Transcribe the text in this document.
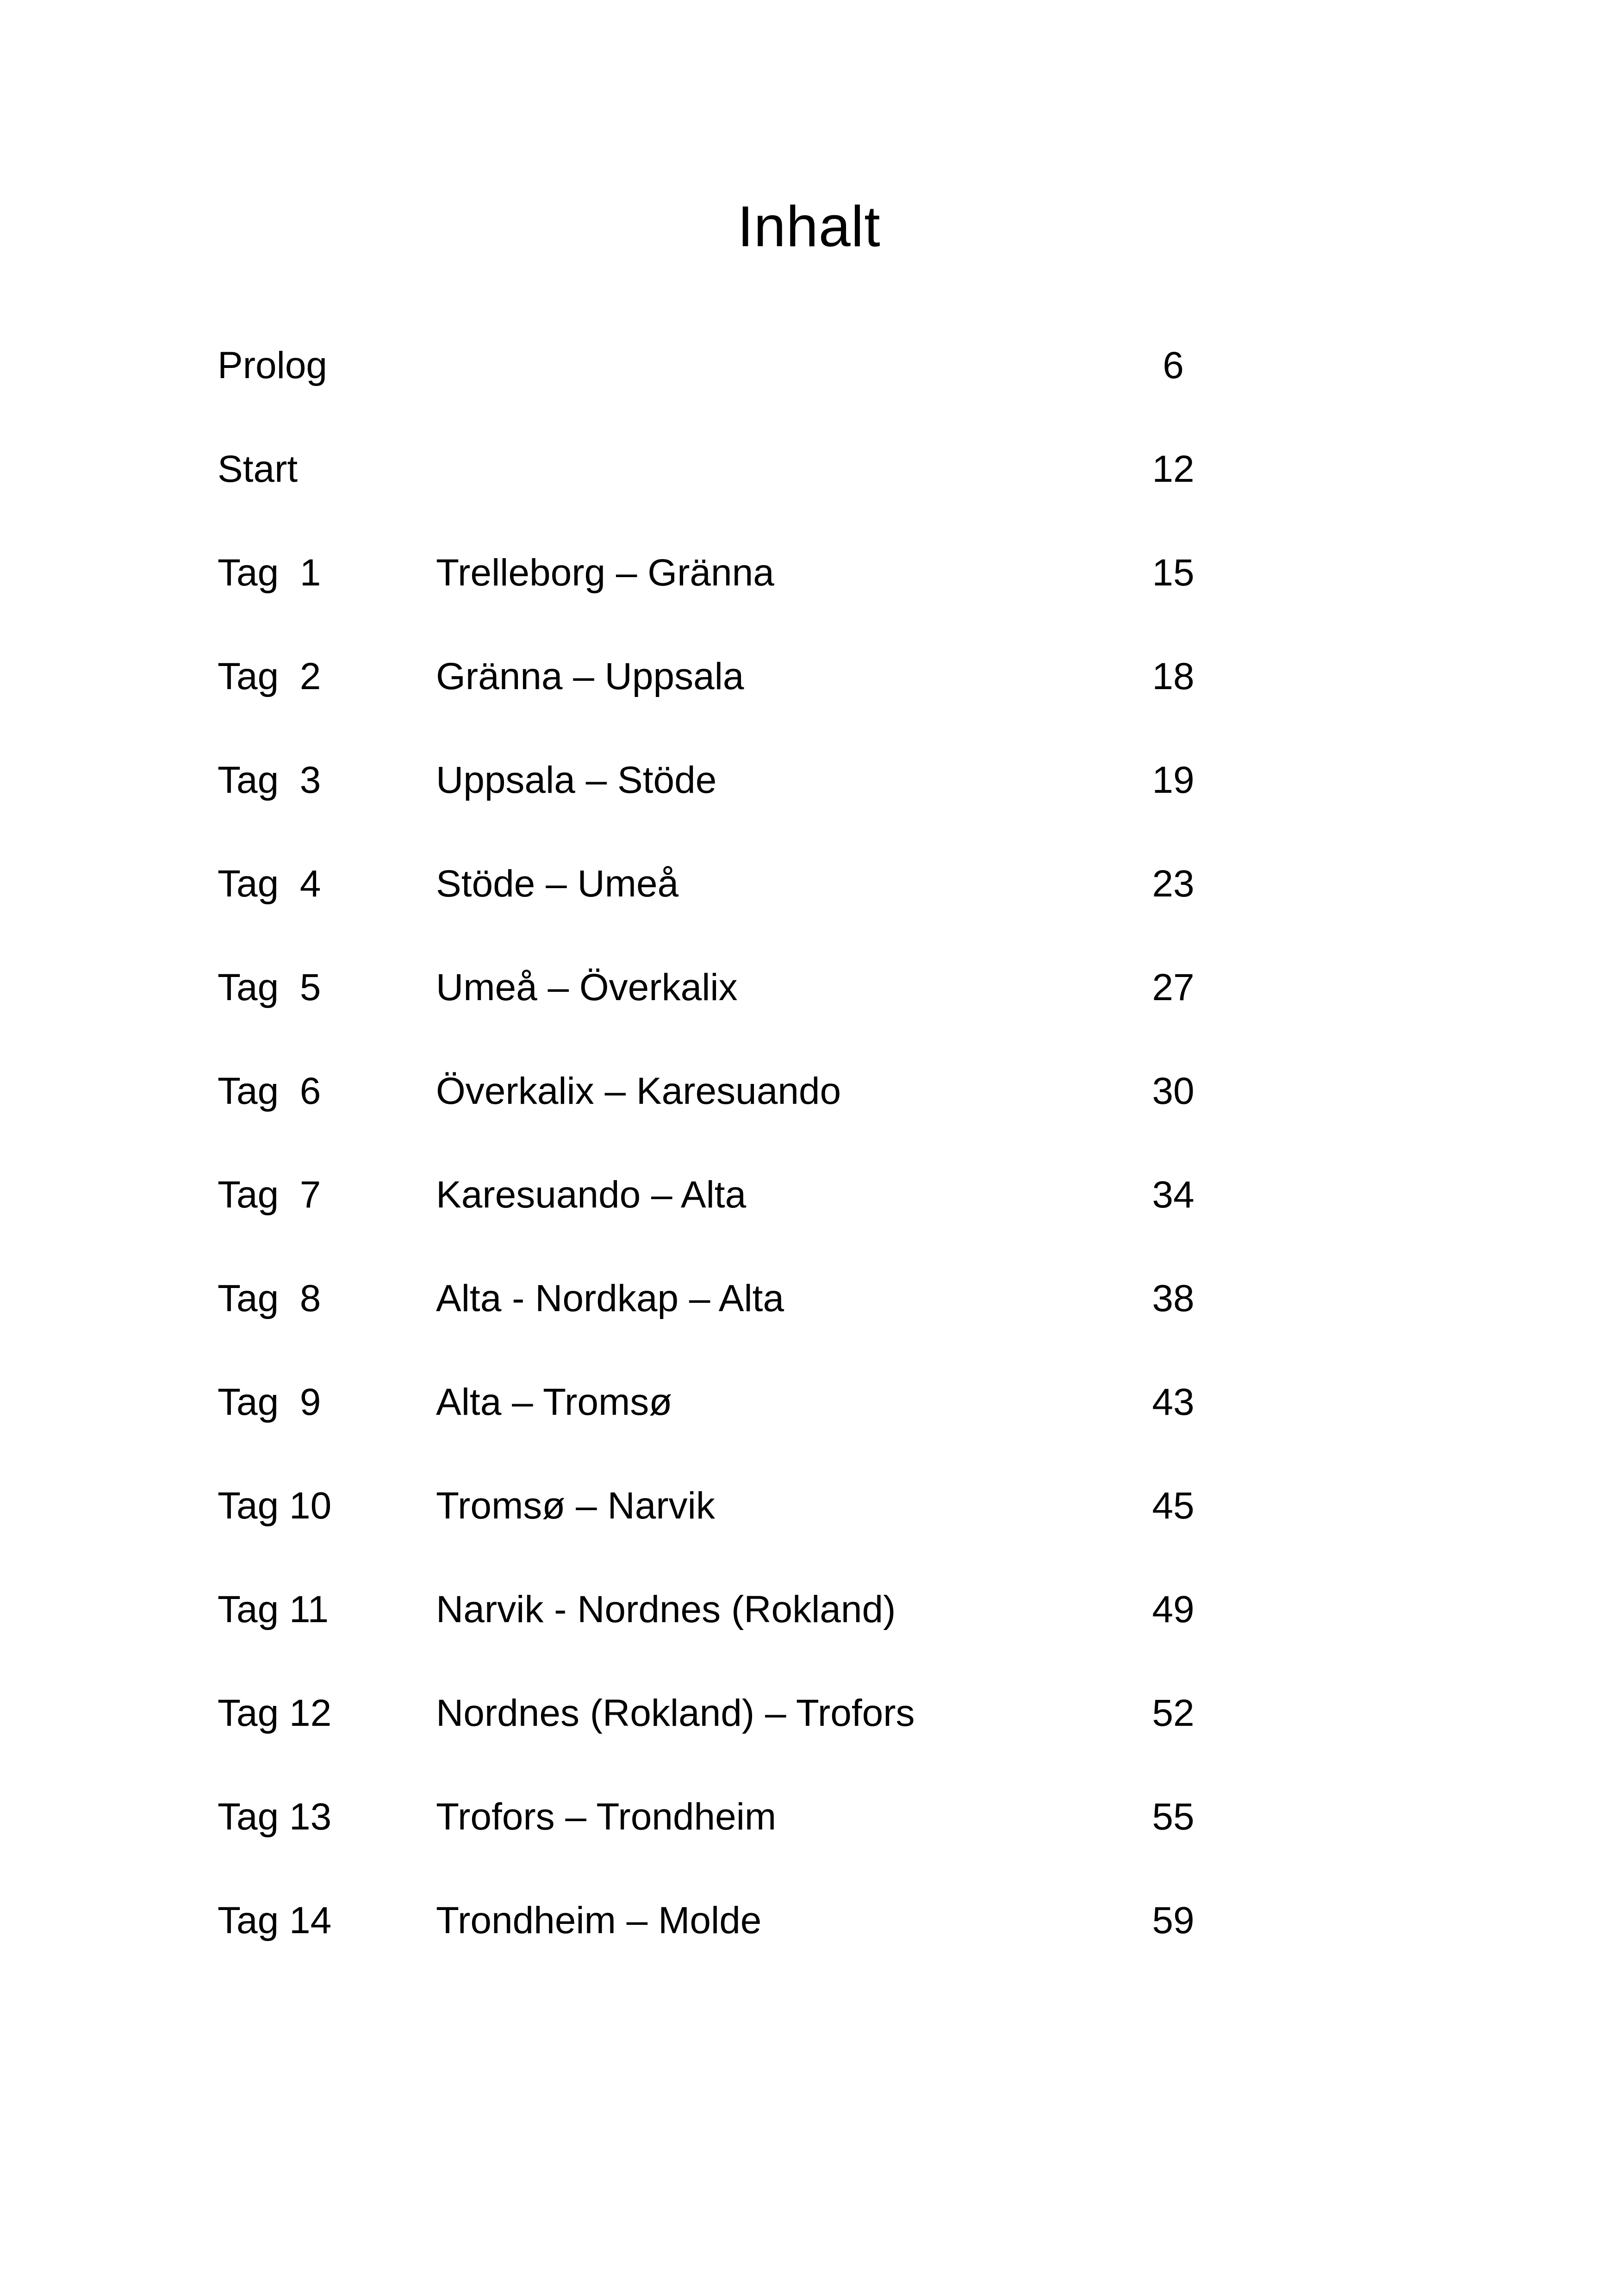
Inhalt
Prolog	6
Start	12
Tag  1	Trelleborg – Gränna	15
Tag  2	Gränna – Uppsala	18
Tag  3	Uppsala – Stöde	19
Tag  4	Stöde – Umeå	23
Tag  5	Umeå – Överkalix	27
Tag  6	Överkalix – Karesuando	30
Tag  7	Karesuando – Alta	34
Tag  8	Alta - Nordkap – Alta	38
Tag  9	Alta – Tromsø	43
Tag 10	Tromsø – Narvik	45
Tag 11	Narvik - Nordnes (Rokland)	49
Tag 12	Nordnes (Rokland) – Trofors	52
Tag 13	Trofors – Trondheim	55
Tag 14	Trondheim – Molde	59
